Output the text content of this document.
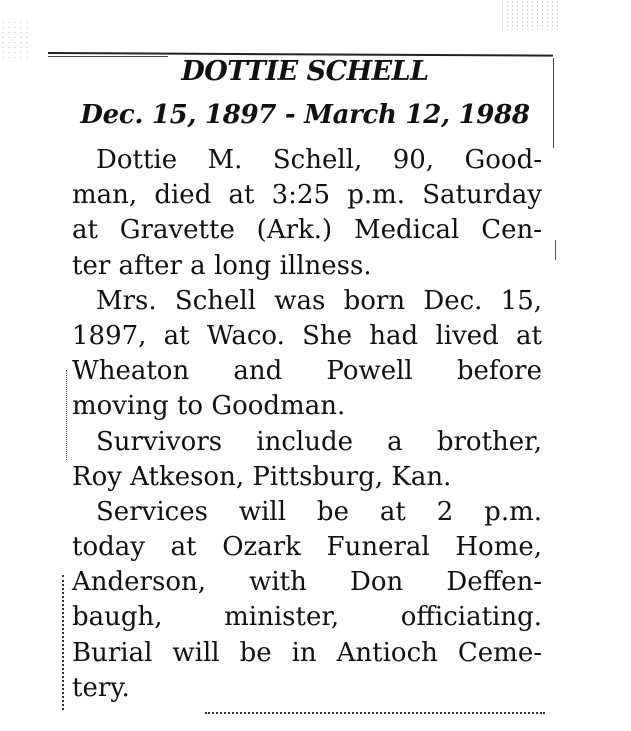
DOTTIE SCHELL
Dec. 15, 1897 - March 12, 1988
Dottie M. Schell, 90, Good-
man, died at 3:25 p.m. Saturday
at Gravette (Ark.) Medical Cen-
ter after a long illness.
Mrs. Schell was born Dec. 15,
1897, at Waco. She had lived at
Wheaton and Powell before
moving to Goodman.
Survivors include a brother,
Roy Atkeson, Pittsburg, Kan.
Services will be at 2 p.m.
today at Ozark Funeral Home,
Anderson, with Don Deffen-
baugh, minister, officiating.
Burial will be in Antioch Ceme-
tery.
